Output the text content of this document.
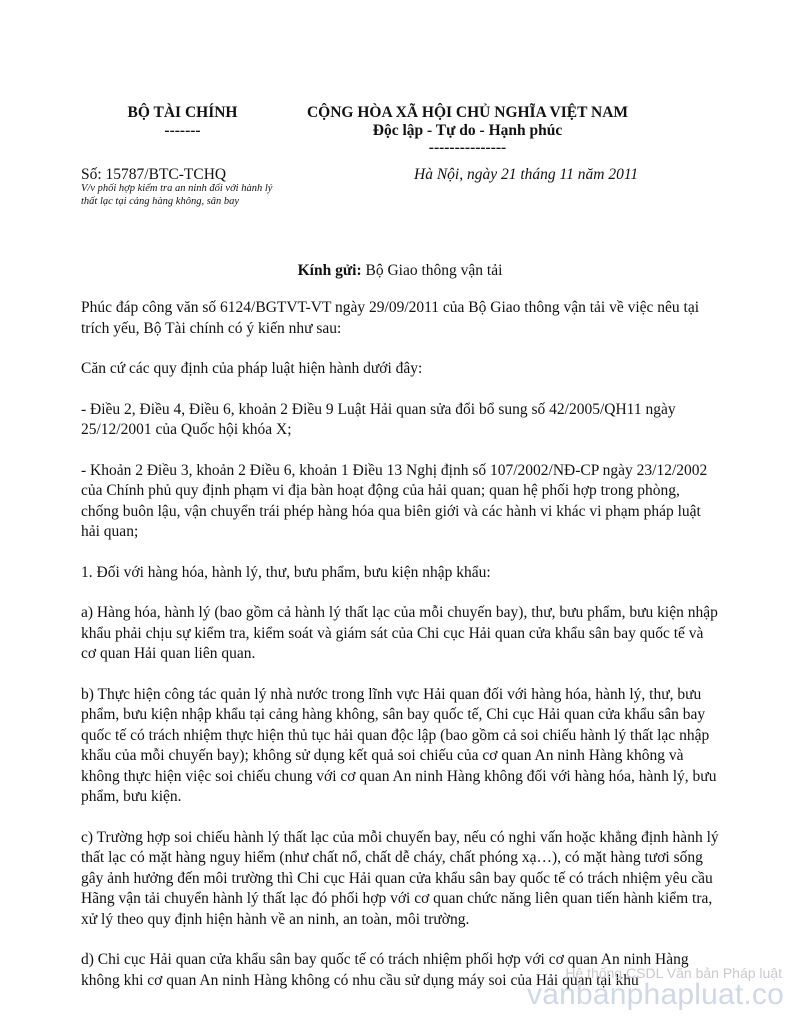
BỘ TÀI CHÍNH
-------
CỘNG HÒA XÃ HỘI CHỦ NGHĨA VIỆT NAM
Độc lập - Tự do - Hạnh phúc
---------------
Số: 15787/BTC-TCHQ
V/v phối hợp kiểm tra an ninh đối với hành lý thất lạc tại cảng hàng không, sân bay
Hà Nội, ngày 21 tháng 11 năm 2011
Kính gửi: Bộ Giao thông vận tải

Phúc đáp công văn số 6124/BGTVT-VT ngày 29/09/2011 của Bộ Giao thông vận tải về việc nêu tại trích yếu, Bộ Tài chính có ý kiến như sau:

Căn cứ các quy định của pháp luật hiện hành dưới đây:

- Điều 2, Điều 4, Điều 6, khoản 2 Điều 9 Luật Hải quan sửa đổi bổ sung số 42/2005/QH11 ngày 25/12/2001 của Quốc hội khóa X;

- Khoản 2 Điều 3, khoản 2 Điều 6, khoản 1 Điều 13 Nghị định số 107/2002/NĐ-CP ngày 23/12/2002 của Chính phủ quy định phạm vi địa bàn hoạt động của hải quan; quan hệ phối hợp trong phòng, chống buôn lậu, vận chuyển trái phép hàng hóa qua biên giới và các hành vi khác vi phạm pháp luật hải quan;

1. Đối với hàng hóa, hành lý, thư, bưu phẩm, bưu kiện nhập khẩu:

a) Hàng hóa, hành lý (bao gồm cả hành lý thất lạc của mỗi chuyến bay), thư, bưu phẩm, bưu kiện nhập khẩu phải chịu sự kiểm tra, kiểm soát và giám sát của Chi cục Hải quan cửa khẩu sân bay quốc tế và cơ quan Hải quan liên quan.

b) Thực hiện công tác quản lý nhà nước trong lĩnh vực Hải quan đối với hàng hóa, hành lý, thư, bưu phẩm, bưu kiện nhập khẩu tại cảng hàng không, sân bay quốc tế, Chi cục Hải quan cửa khẩu sân bay quốc tế có trách nhiệm thực hiện thủ tục hải quan độc lập (bao gồm cả soi chiếu hành lý thất lạc nhập khẩu của mỗi chuyến bay); không sử dụng kết quả soi chiếu của cơ quan An ninh Hàng không và không thực hiện việc soi chiếu chung với cơ quan An ninh Hàng không đối với hàng hóa, hành lý, bưu phẩm, bưu kiện.

c) Trường hợp soi chiếu hành lý thất lạc của mỗi chuyến bay, nếu có nghi vấn hoặc khẳng định hành lý thất lạc có mặt hàng nguy hiểm (như chất nổ, chất dễ cháy, chất phóng xạ…), có mặt hàng tươi sống gây ảnh hưởng đến môi trường thì Chi cục Hải quan cửa khẩu sân bay quốc tế có trách nhiệm yêu cầu Hãng vận tải chuyển hành lý thất lạc đó phối hợp với cơ quan chức năng liên quan tiến hành kiểm tra, xử lý theo quy định hiện hành về an ninh, an toàn, môi trường.

d) Chi cục Hải quan cửa khẩu sân bay quốc tế có trách nhiệm phối hợp với cơ quan An ninh Hàng không khi cơ quan An ninh Hàng không có nhu cầu sử dụng máy soi của Hải quan tại khu

Hệ thống CSDL Văn bản Pháp luật
vanbanphapluat.co
